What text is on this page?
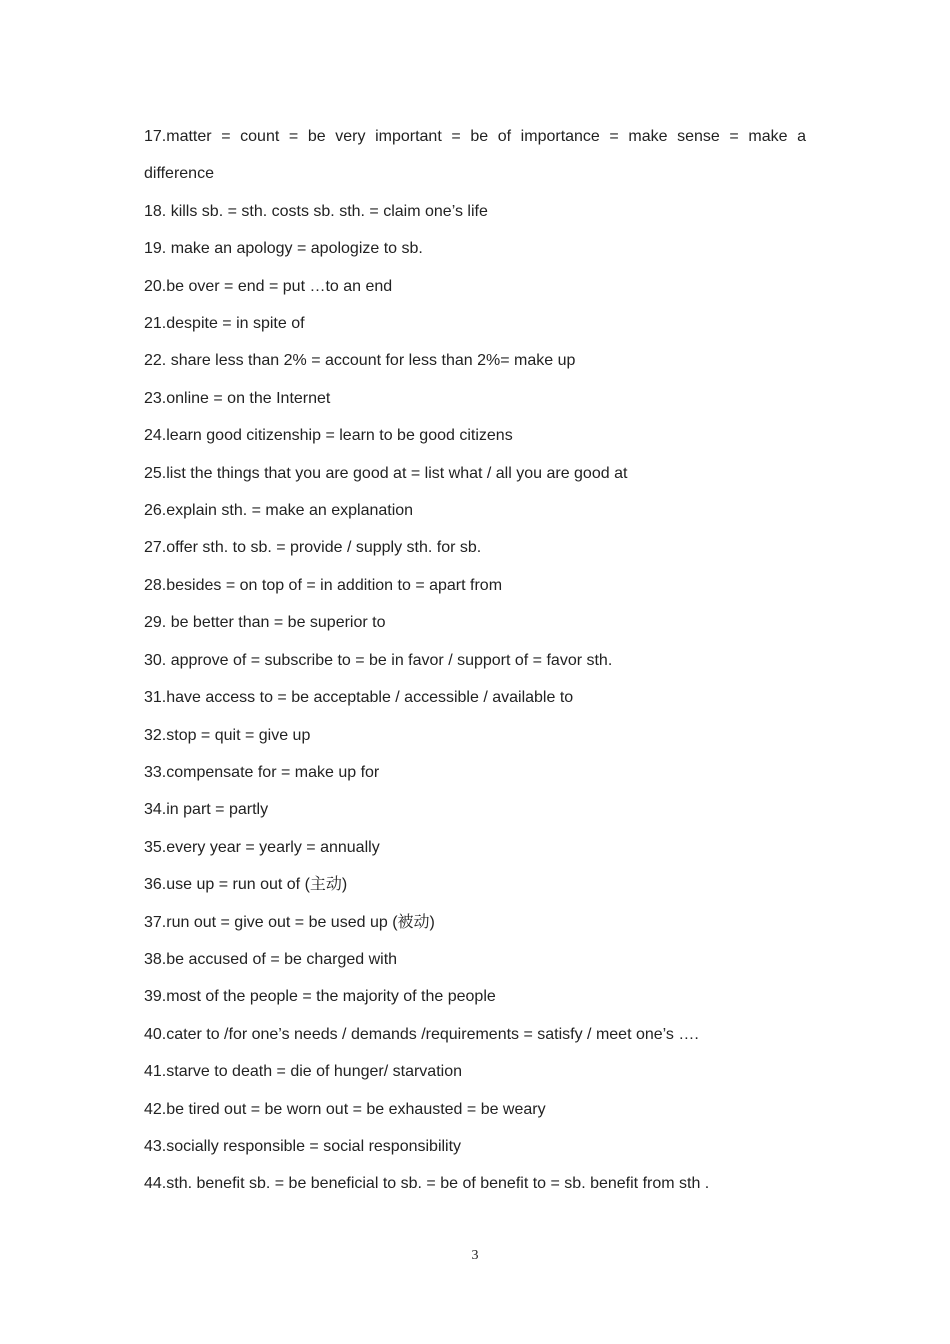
17.matter = count = be very important = be of importance = make sense = make a

difference

18. kills sb. = sth. costs sb. sth. = claim one’s life

19. make an apology = apologize to sb.

20.be over = end = put …to an end

21.despite = in spite of

22. share less than 2% = account for less than 2%= make up

23.online = on the Internet

24.learn good citizenship = learn to be good citizens

25.list the things that you are good at = list what / all you are good at

26.explain sth. = make an explanation

27.offer sth. to sb. = provide / supply sth. for sb.

28.besides = on top of = in addition to = apart from

29. be better than = be superior to

30. approve of = subscribe to = be in favor / support of = favor sth.

31.have access to = be acceptable / accessible / available to

32.stop = quit = give up

33.compensate for = make up for

34.in part = partly

35.every year = yearly = annually

36.use up = run out of (主动)

37.run out = give out = be used up (被动)

38.be accused of = be charged with

39.most of the people = the majority of the people

40.cater to /for one’s needs / demands /requirements = satisfy / meet one’s ….

41.starve to death = die of hunger/ starvation

42.be tired out = be worn out = be exhausted = be weary

43.socially responsible = social responsibility

44.sth. benefit sb. = be beneficial to sb. = be of benefit to = sb. benefit from sth .

3
